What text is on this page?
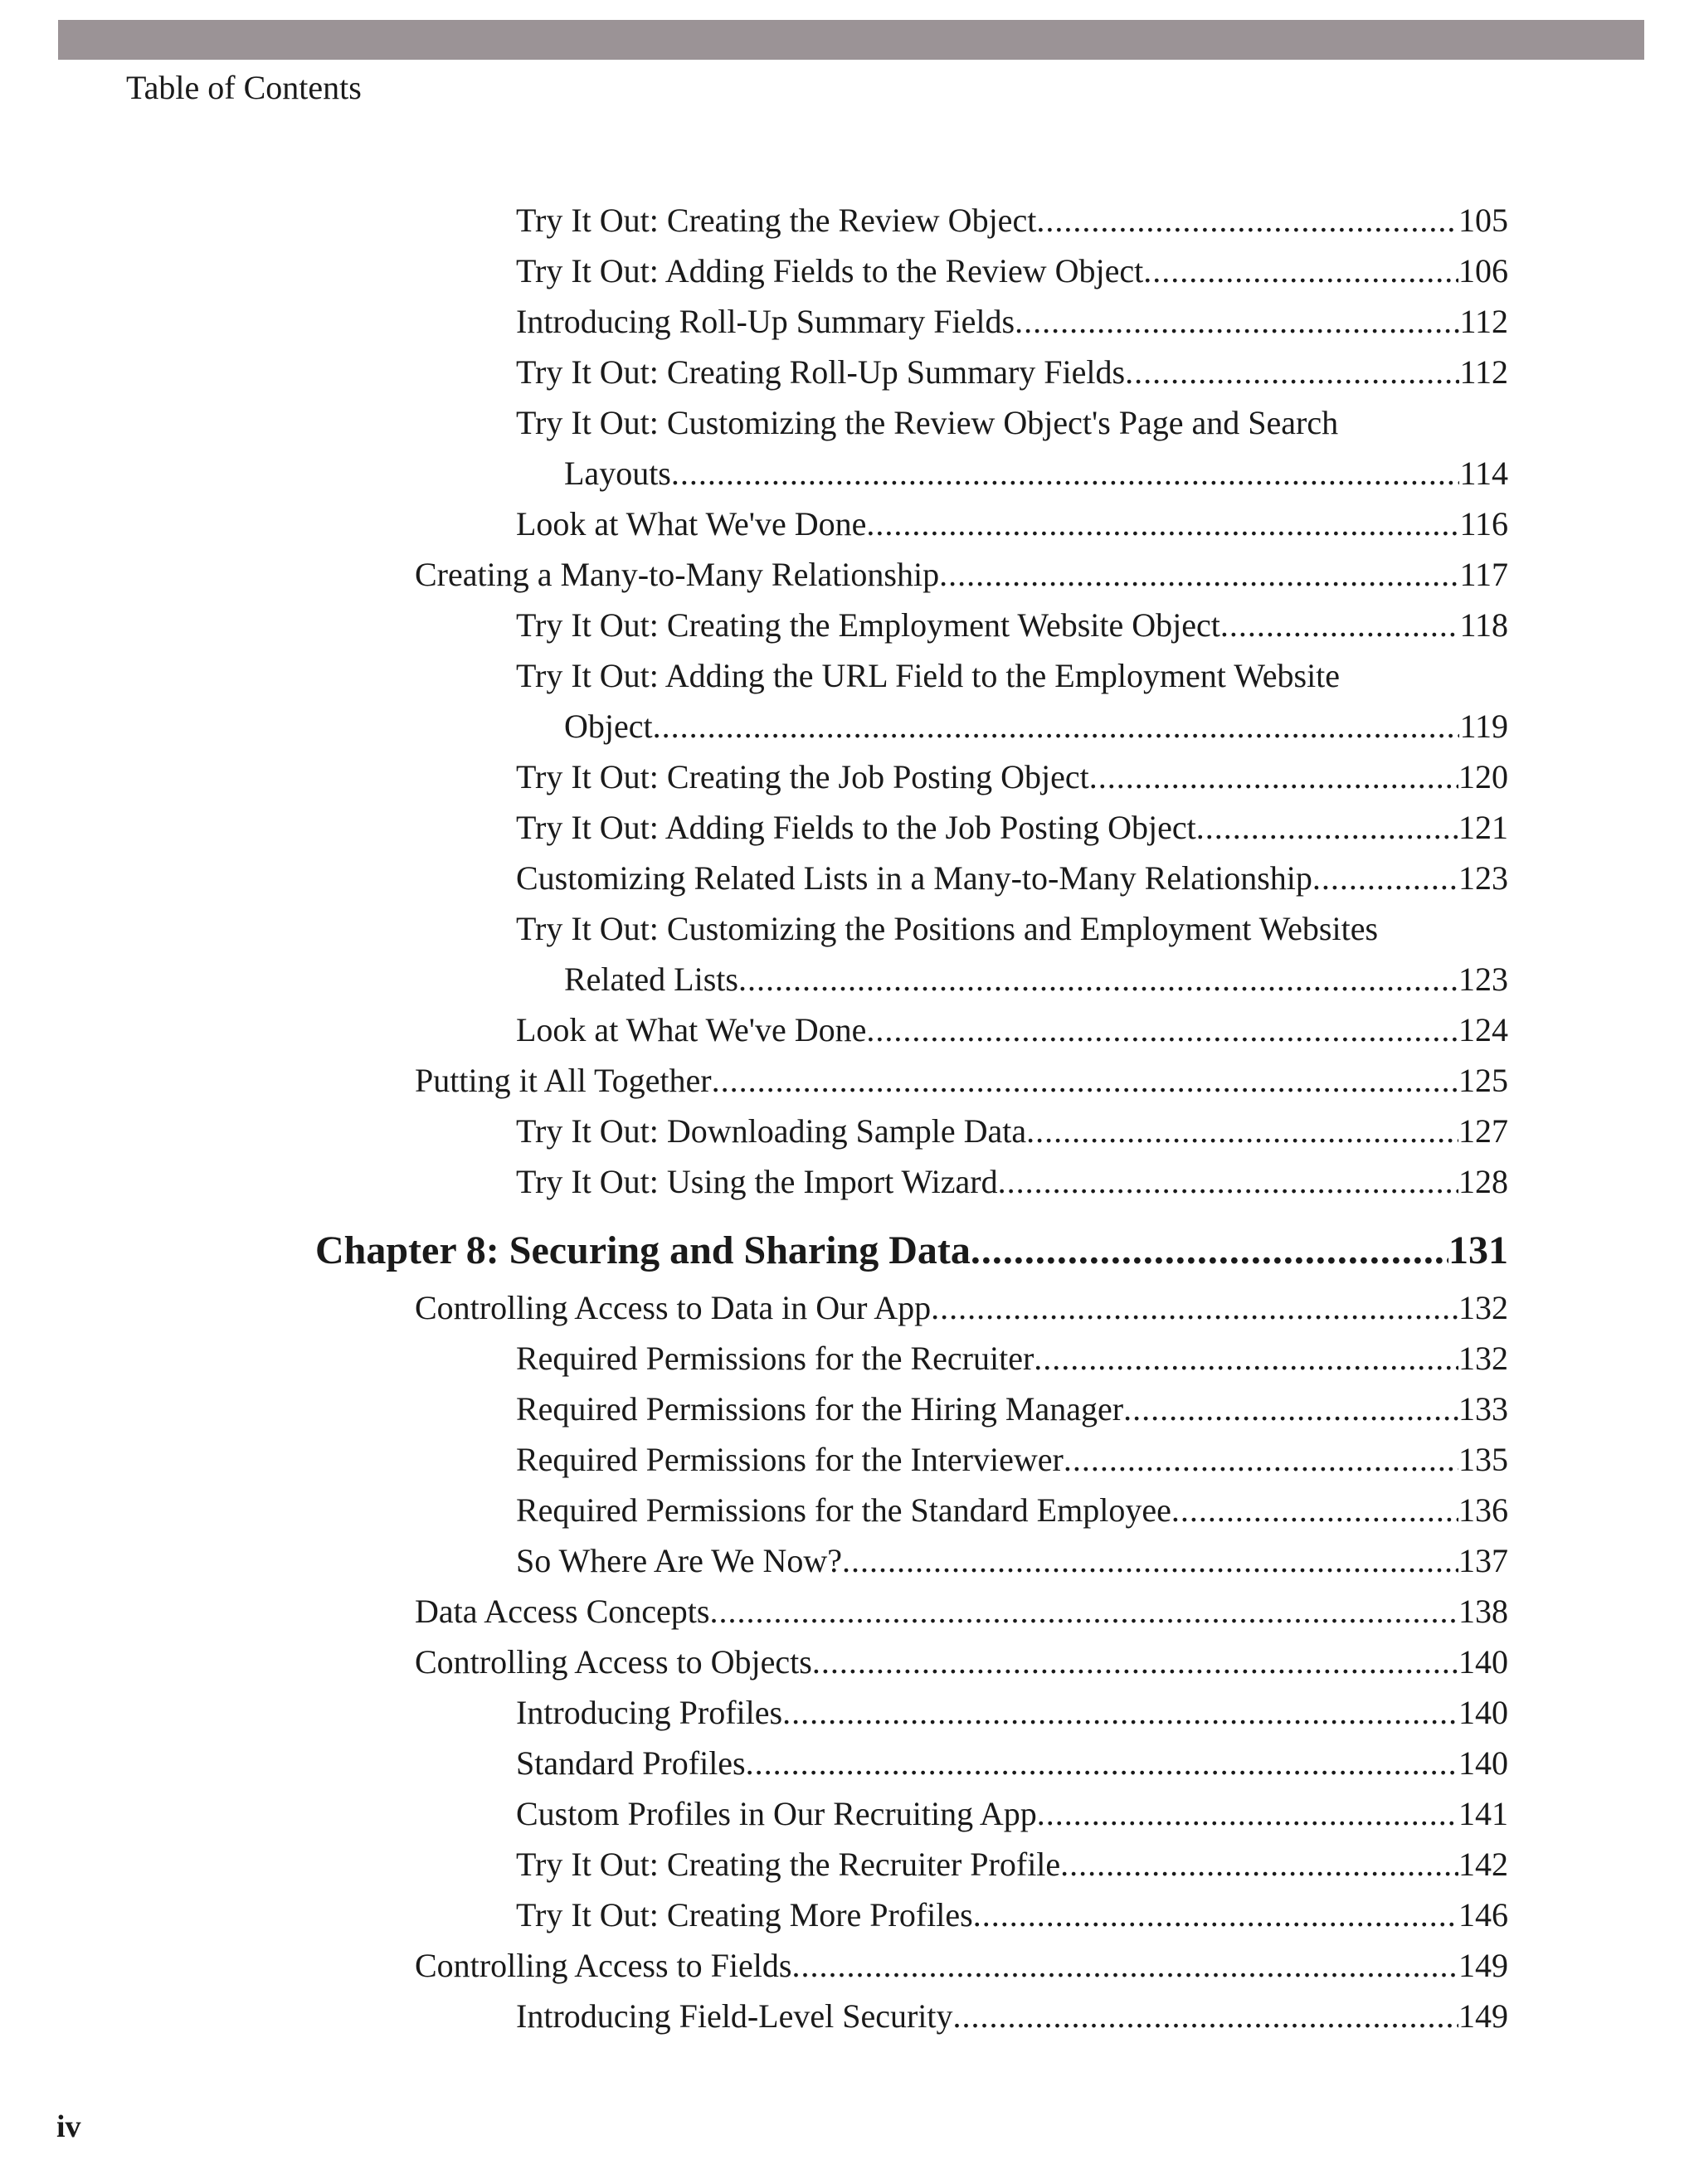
Table of Contents
Try It Out: Creating the Review Object .....	105
Try It Out: Adding Fields to the Review Object .....	106
Introducing Roll-Up Summary Fields .....	112
Try It Out: Creating Roll-Up Summary Fields .....	112
Try It Out: Customizing the Review Object's Page and Search
Layouts .....	114
Look at What We've Done .....	116
Creating a Many-to-Many Relationship .....	117
Try It Out: Creating the Employment Website Object .....	118
Try It Out: Adding the URL Field to the Employment Website
Object .....	119
Try It Out: Creating the Job Posting Object .....	120
Try It Out: Adding Fields to the Job Posting Object .....	121
Customizing Related Lists in a Many-to-Many Relationship .....	123
Try It Out: Customizing the Positions and Employment Websites
Related Lists .....	123
Look at What We've Done .....	124
Putting it All Together .....	125
Try It Out: Downloading Sample Data .....	127
Try It Out: Using the Import Wizard .....	128
Chapter 8: Securing and Sharing Data .....	131
Controlling Access to Data in Our App .....	132
Required Permissions for the Recruiter .....	132
Required Permissions for the Hiring Manager .....	133
Required Permissions for the Interviewer .....	135
Required Permissions for the Standard Employee .....	136
So Where Are We Now? .....	137
Data Access Concepts .....	138
Controlling Access to Objects .....	140
Introducing Profiles .....	140
Standard Profiles .....	140
Custom Profiles in Our Recruiting App .....	141
Try It Out: Creating the Recruiter Profile .....	142
Try It Out: Creating More Profiles .....	146
Controlling Access to Fields .....	149
Introducing Field-Level Security .....	149
iv
